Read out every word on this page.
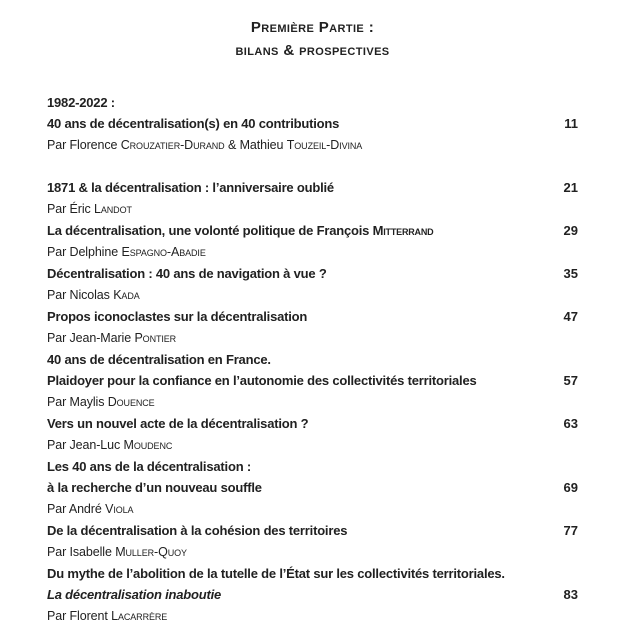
Première Partie :
bilans & prospectives
1982-2022 :
40 ans de décentralisation(s) en 40 contributions	11
Par Florence Crouzatier-Durand & Mathieu Touzeil-Divina
1871 & la décentralisation : l’anniversaire oublié	21
Par Éric Landot
La décentralisation, une volonté politique de François Mitterrand	29
Par Delphine Espagno-Abadie
Décentralisation : 40 ans de navigation à vue ?	35
Par Nicolas Kada
Propos iconoclastes sur la décentralisation	47
Par Jean-Marie Pontier
40 ans de décentralisation en France.
Plaidoyer pour la confiance en l’autonomie des collectivités territoriales	57
Par Maylis Douence
Vers un nouvel acte de la décentralisation ?	63
Par Jean-Luc Moudenc
Les 40 ans de la décentralisation :
à la recherche d’un nouveau souffle	69
Par André Viola
De la décentralisation à la cohésion des territoires	77
Par Isabelle Muller-Quoy
Du mythe de l’abolition de la tutelle de l’État sur les collectivités territoriales.
La décentralisation inaboutie	83
Par Florent Lacarrère
